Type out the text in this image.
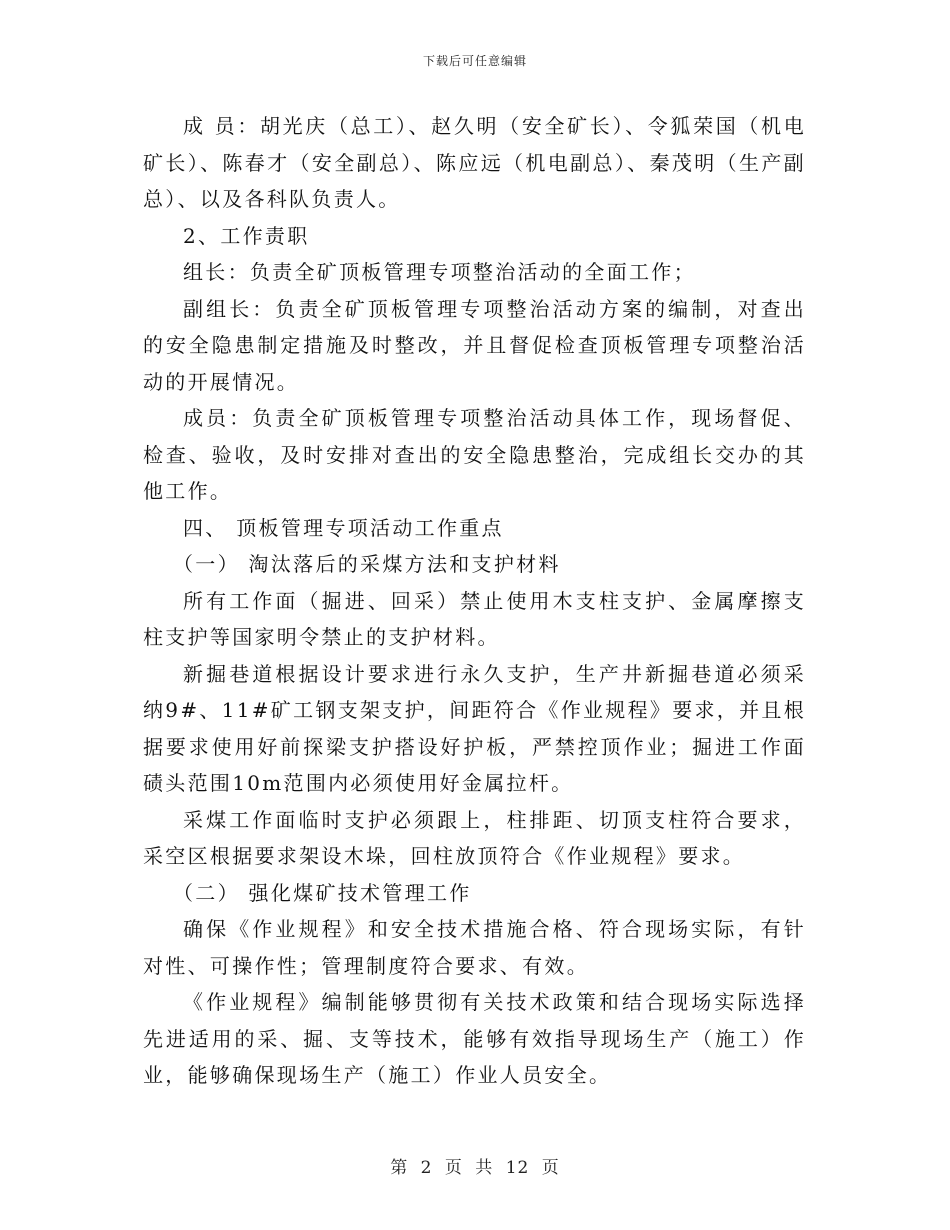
下载后可任意编辑

成 员：胡光庆（总工）、赵久明（安全矿长）、令狐荣国（机电矿长）、陈春才（安全副总）、陈应远（机电副总）、秦茂明（生产副总）、以及各科队负责人。

2、工作责职

组长：负责全矿顶板管理专项整治活动的全面工作；

副组长：负责全矿顶板管理专项整治活动方案的编制，对查出的安全隐患制定措施及时整改，并且督促检查顶板管理专项整治活动的开展情况。

成员：负责全矿顶板管理专项整治活动具体工作，现场督促、检查、验收，及时安排对查出的安全隐患整治，完成组长交办的其他工作。

四、 顶板管理专项活动工作重点

（一） 淘汰落后的采煤方法和支护材料

所有工作面（掘进、回采）禁止使用木支柱支护、金属摩擦支柱支护等国家明令禁止的支护材料。

新掘巷道根据设计要求进行永久支护，生产井新掘巷道必须采纳9#、11#矿工钢支架支护，间距符合《作业规程》要求，并且根据要求使用好前探梁支护搭设好护板，严禁控顶作业；掘进工作面碛头范围10m范围内必须使用好金属拉杆。

采煤工作面临时支护必须跟上，柱排距、切顶支柱符合要求，采空区根据要求架设木垛，回柱放顶符合《作业规程》要求。

（二） 强化煤矿技术管理工作

确保《作业规程》和安全技术措施合格、符合现场实际，有针对性、可操作性；管理制度符合要求、有效。

《作业规程》编制能够贯彻有关技术政策和结合现场实际选择先进适用的采、掘、支等技术，能够有效指导现场生产（施工）作业，能够确保现场生产（施工）作业人员安全。

第 2 页 共 12 页
